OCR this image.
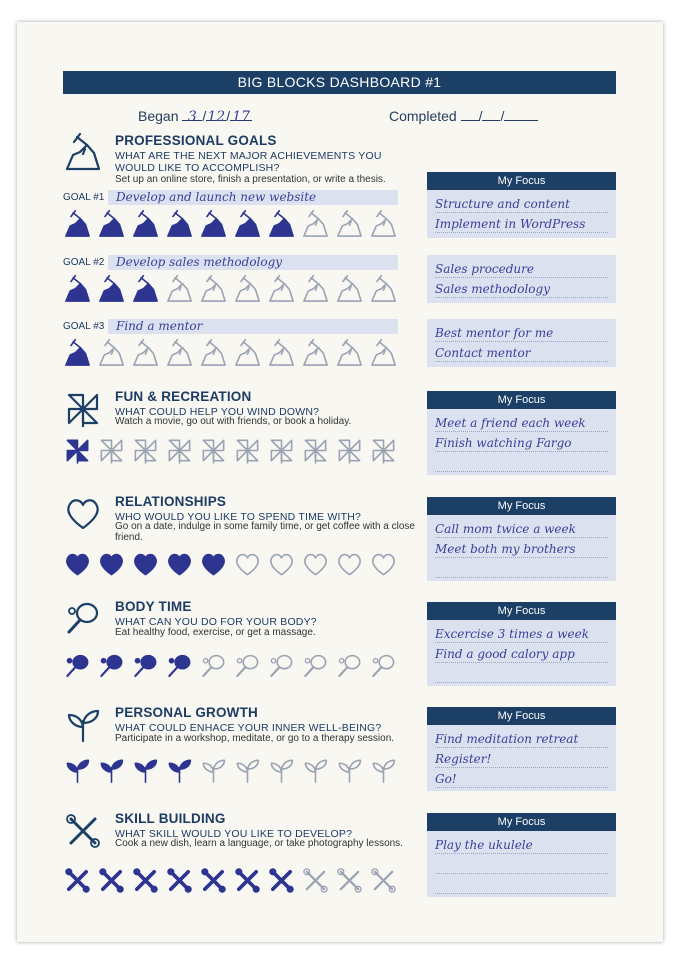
BIG BLOCKS DASHBOARD #1
Began 3 /12/ 17	Completed / /
PROFESSIONAL GOALS
WHAT ARE THE NEXT MAJOR ACHIEVEMENTS YOU WOULD LIKE TO ACCOMPLISH?
Set up an online store, finish a presentation, or write a thesis.
GOAL #1 Develop and launch new website	Structure and content
Implement in WordPress
GOAL #2 Develop sales methodology	Sales procedure
Sales methodology
GOAL #3 Find a mentor	Best mentor for me
Contact mentor
My Focus
FUN & RECREATION
WHAT COULD HELP YOU WIND DOWN?
Watch a movie, go out with friends, or book a holiday.
My Focus
Meet a friend each week
Finish watching Fargo
RELATIONSHIPS
WHO WOULD YOU LIKE TO SPEND TIME WITH?
Go on a date, indulge in some family time, or get coffee with a close friend.
My Focus
Call mom twice a week
Meet both my brothers
BODY TIME
WHAT CAN YOU DO FOR YOUR BODY?
Eat healthy food, exercise, or get a massage.
My Focus
Excercise 3 times a week
Find a good calory app
PERSONAL GROWTH
WHAT COULD ENHACE YOUR INNER WELL-BEING?
Participate in a workshop, meditate, or go to a therapy session.
My Focus
Find meditation retreat
Register!
Go!
SKILL BUILDING
WHAT SKILL WOULD YOU LIKE TO DEVELOP?
Cook a new dish, learn a language, or take photography lessons.
My Focus
Play the ukulele
